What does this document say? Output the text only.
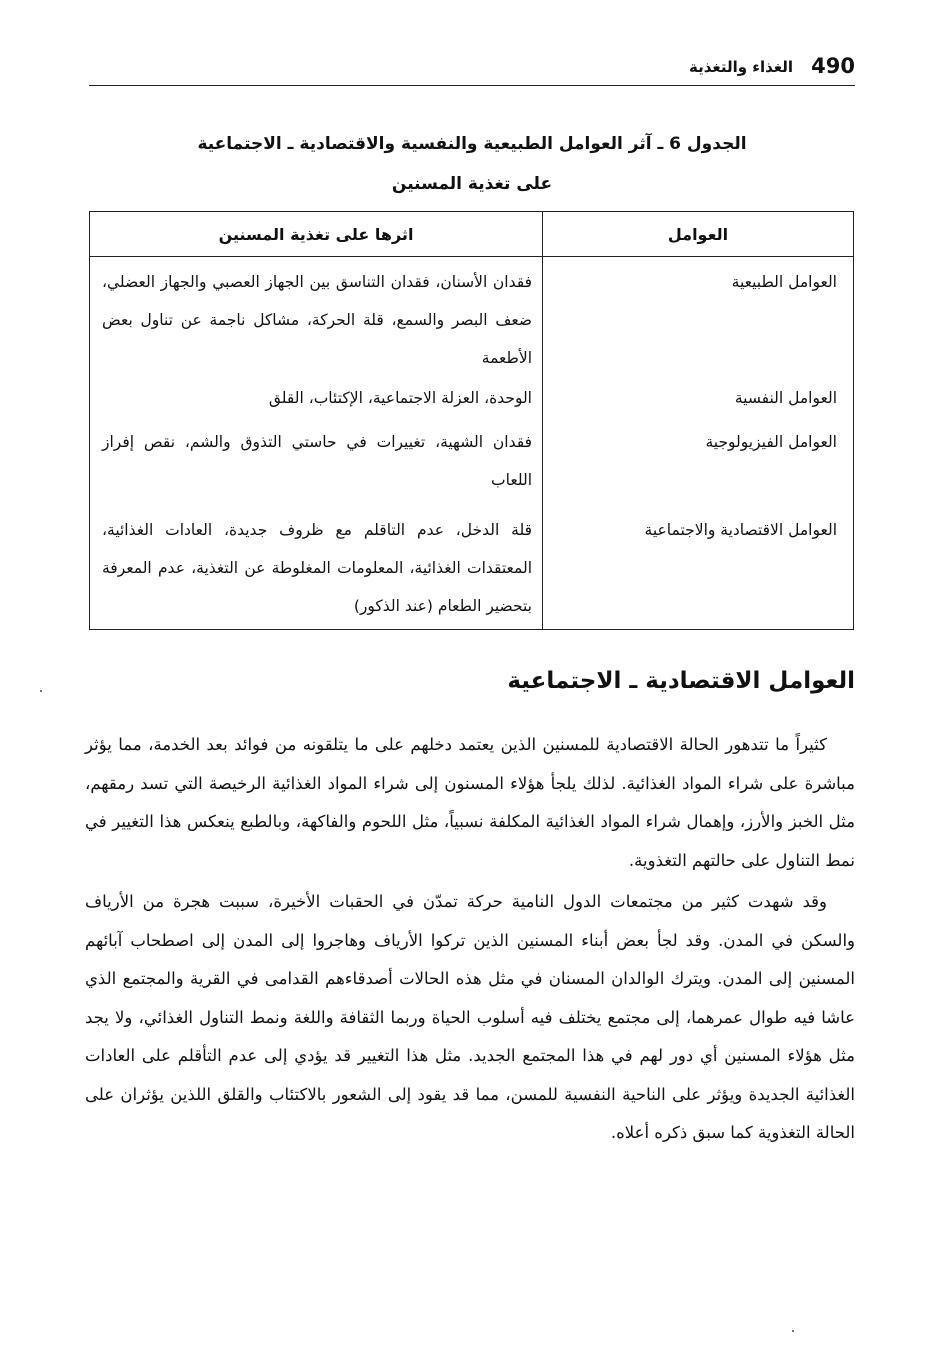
490
الغذاء والتغذية
الجدول 6 ـ آثر العوامل الطبيعية والنفسية والاقتصادية ـ الاجتماعية
على تغذية المسنين
العوامل	اثرها على تغذية المسنين

العوامل الطبيعية	فقدان الأسنان، فقدان التناسق بين الجهاز العصبي والجهاز العضلي، ضعف البصر والسمع، قلة الحركة، مشاكل ناجمة عن تناول بعض الأطعمة

العوامل النفسية	الوحدة، العزلة الاجتماعية، الإكتئاب، القلق

العوامل الفيزيولوجية	فقدان الشهية، تغييرات في حاستي التذوق والشم، نقص إفراز اللعاب

العوامل الاقتصادية والاجتماعية	قلة الدخل، عدم التاقلم مع ظروف جديدة، العادات الغذائية، المعتقدات الغذائية، المعلومات المغلوطة عن التغذية، عدم المعرفة بتحضير الطعام (عند الذكور)
العوامل الاقتصادية ـ الاجتماعية

كثيراً ما تتدهور الحالة الاقتصادية للمسنين الذين يعتمد دخلهم على ما يتلقونه من فوائد بعد الخدمة، مما يؤثر مباشرة على شراء المواد الغذائية. لذلك يلجأ هؤلاء المسنون إلى شراء المواد الغذائية الرخيصة التي تسد رمقهم، مثل الخبز والأرز، وإهمال شراء المواد الغذائية المكلفة نسبياً، مثل اللحوم والفاكهة، وبالطبع ينعكس هذا التغيير في نمط التناول على حالتهم التغذوية.

وقد شهدت كثير من مجتمعات الدول النامية حركة تمدّن في الحقبات الأخيرة، سببت هجرة من الأرياف والسكن في المدن. وقد لجأ بعض أبناء المسنين الذين تركوا الأرياف وهاجروا إلى المدن إلى اصطحاب آبائهم المسنين إلى المدن. ويترك الوالدان المسنان في مثل هذه الحالات أصدقاءهم القدامى في القرية والمجتمع الذي عاشا فيه طوال عمرهما، إلى مجتمع يختلف فيه أسلوب الحياة وربما الثقافة واللغة ونمط التناول الغذائي، ولا يجد مثل هؤلاء المسنين أي دور لهم في هذا المجتمع الجديد. مثل هذا التغيير قد يؤدي إلى عدم التأقلم على العادات الغذائية الجديدة ويؤثر على الناحية النفسية للمسن، مما قد يقود إلى الشعور بالاكتئاب والقلق اللذين يؤثران على الحالة التغذوية كما سبق ذكره أعلاه.
